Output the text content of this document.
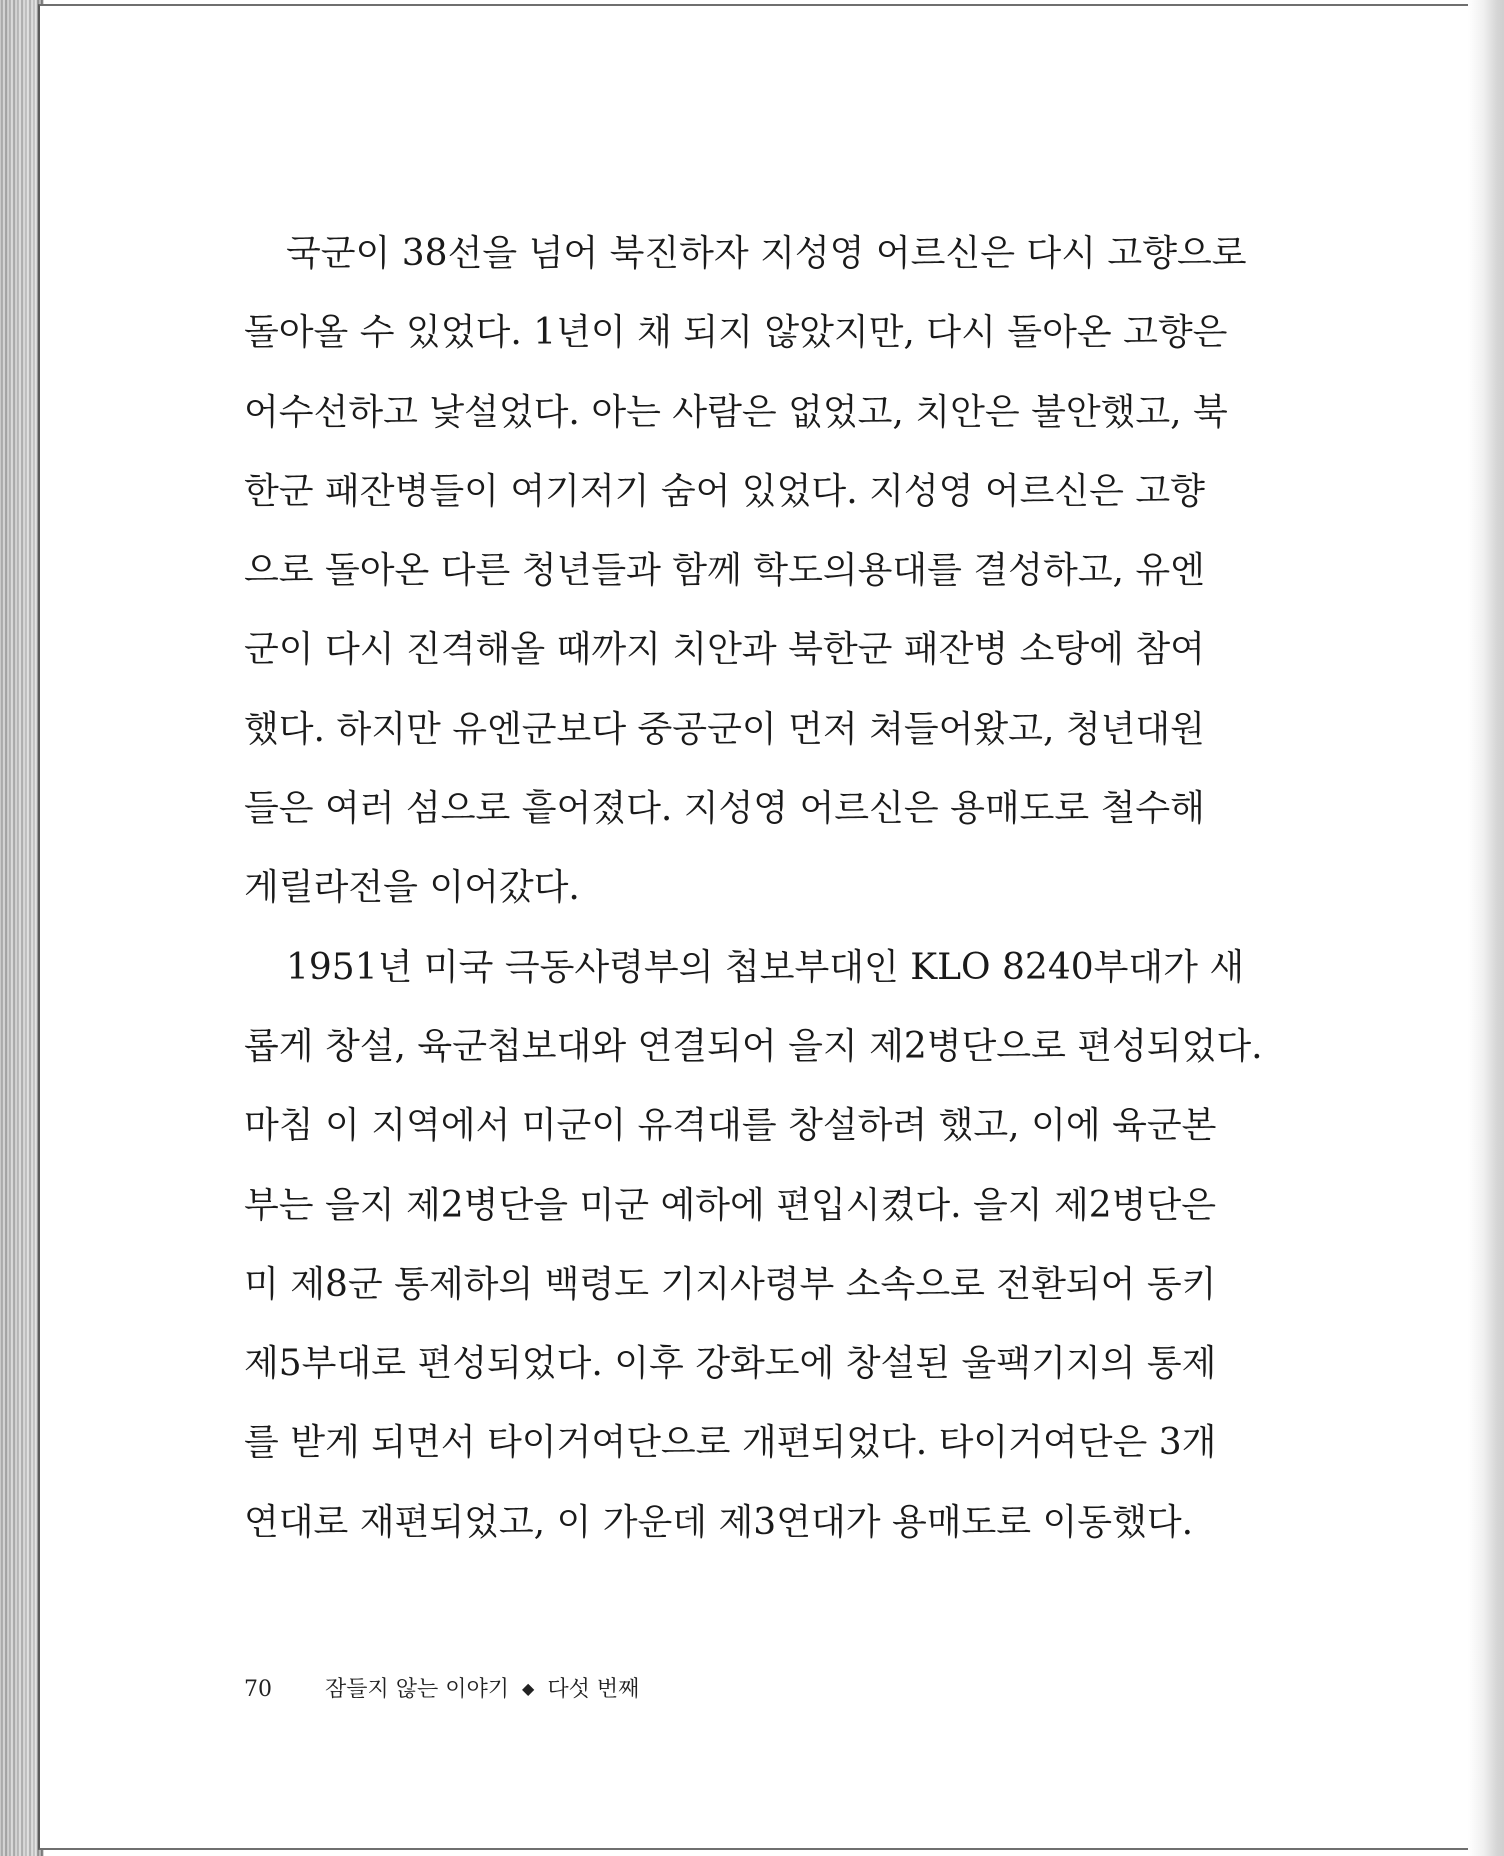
국군이 38선을 넘어 북진하자 지성영 어르신은 다시 고향으로
돌아올 수 있었다. 1년이 채 되지 않았지만, 다시 돌아온 고향은
어수선하고 낯설었다. 아는 사람은 없었고, 치안은 불안했고, 북
한군 패잔병들이 여기저기 숨어 있었다. 지성영 어르신은 고향
으로 돌아온 다른 청년들과 함께 학도의용대를 결성하고, 유엔
군이 다시 진격해올 때까지 치안과 북한군 패잔병 소탕에 참여
했다. 하지만 유엔군보다 중공군이 먼저 쳐들어왔고, 청년대원
들은 여러 섬으로 흩어졌다. 지성영 어르신은 용매도로 철수해
게릴라전을 이어갔다.
1951년 미국 극동사령부의 첩보부대인 KLO 8240부대가 새
롭게 창설, 육군첩보대와 연결되어 을지 제2병단으로 편성되었다.
마침 이 지역에서 미군이 유격대를 창설하려 했고, 이에 육군본
부는 을지 제2병단을 미군 예하에 편입시켰다. 을지 제2병단은
미 제8군 통제하의 백령도 기지사령부 소속으로 전환되어 동키
제5부대로 편성되었다. 이후 강화도에 창설된 울팩기지의 통제
를 받게 되면서 타이거여단으로 개편되었다. 타이거여단은 3개
연대로 재편되었고, 이 가운데 제3연대가 용매도로 이동했다.
70 잠들지 않는 이야기 ◆ 다섯 번째
